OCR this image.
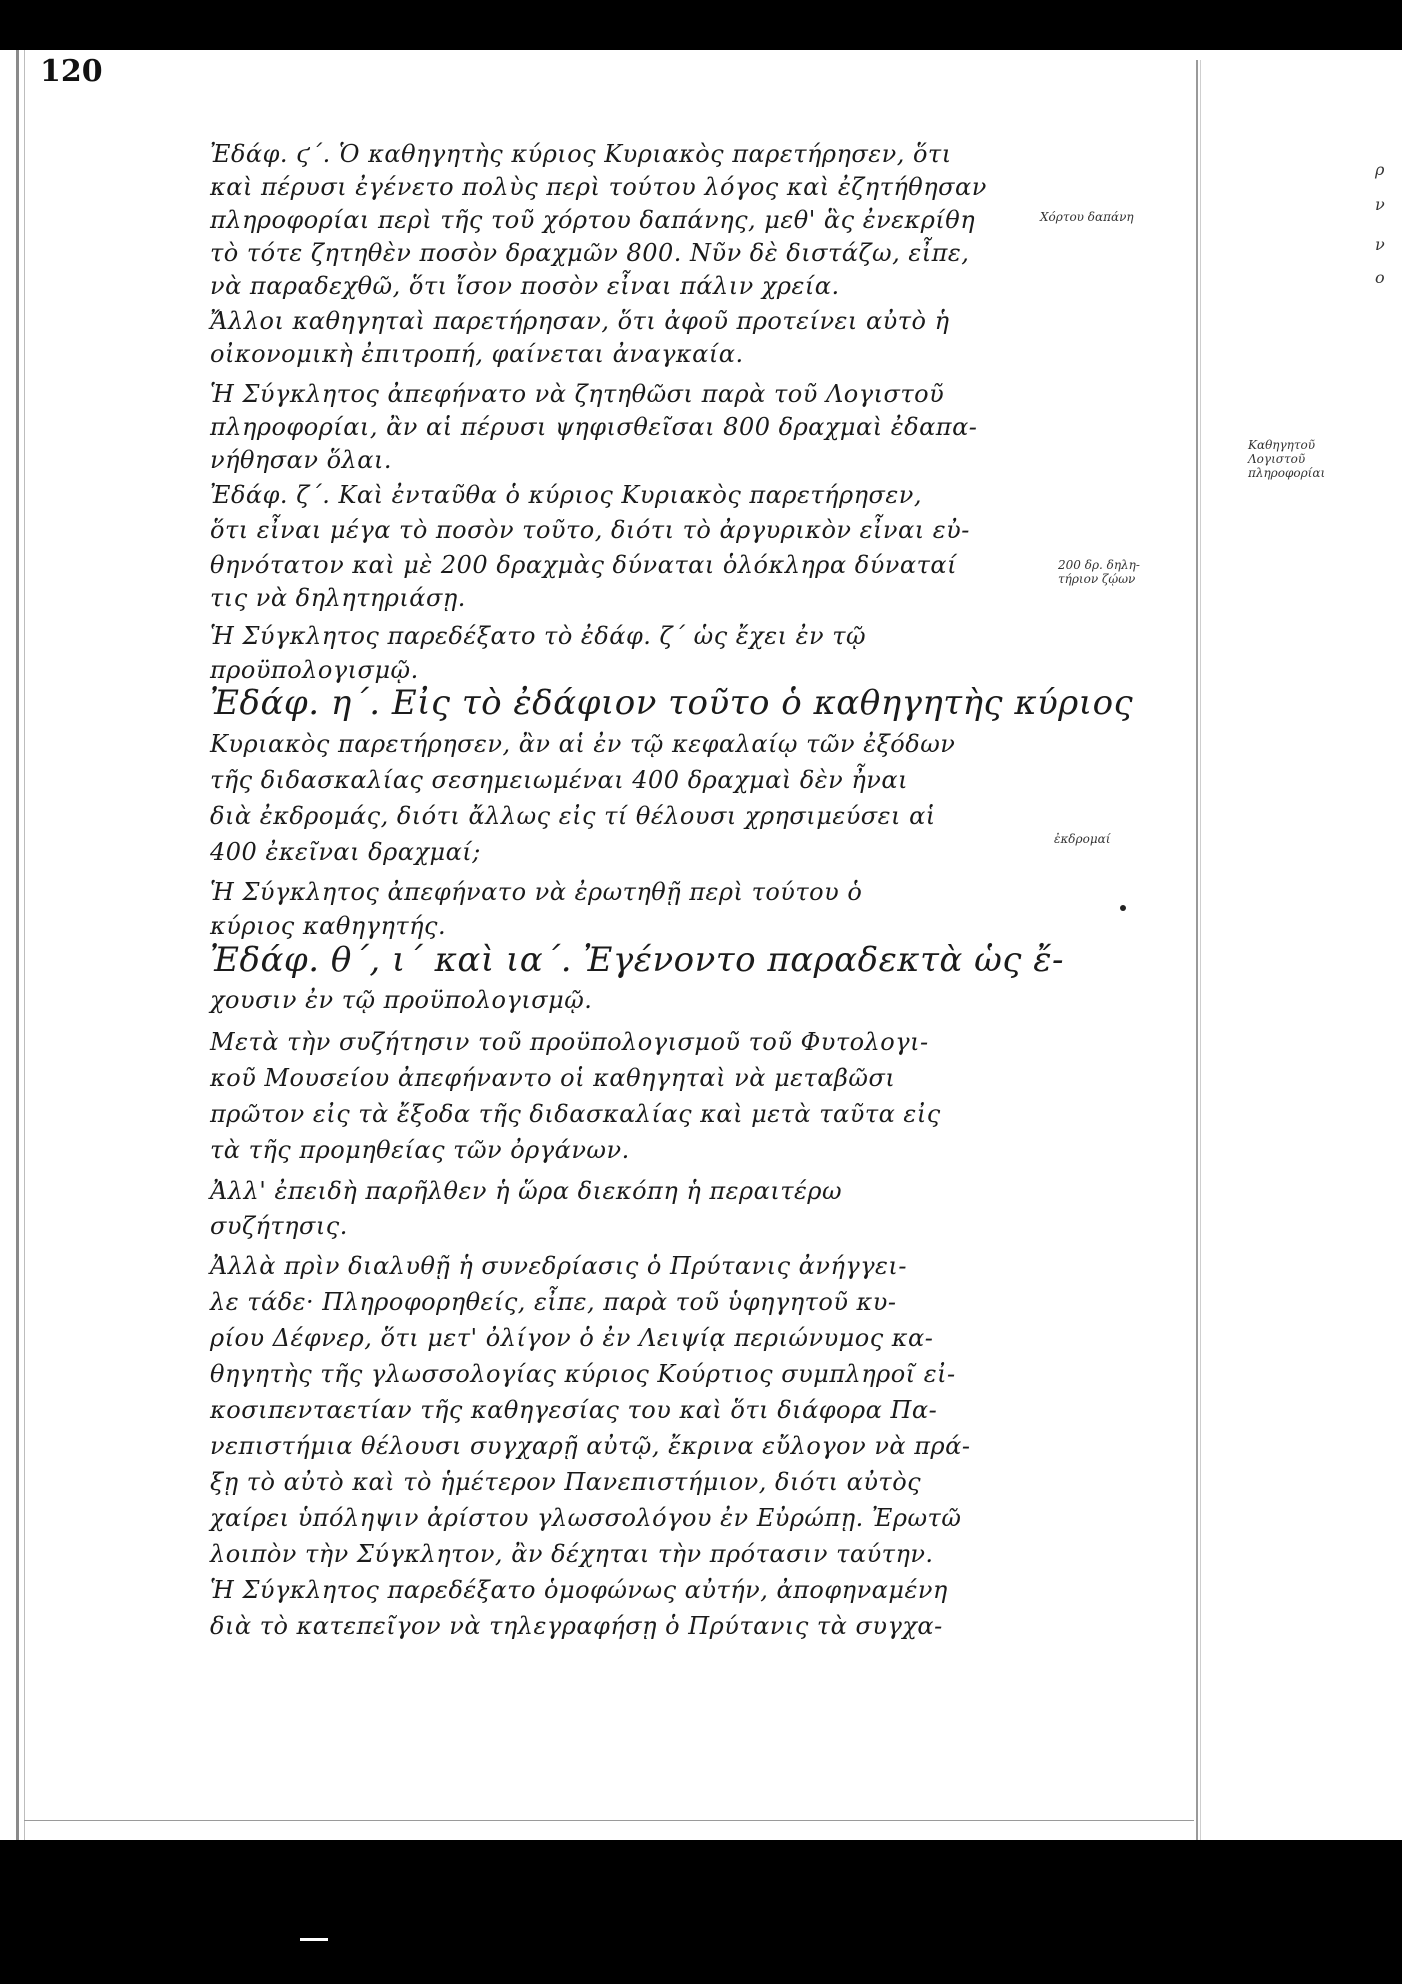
120
Ἐδάφ. ϛ΄. Ὁ καθηγητὴς κύριος Κυριακὸς παρετήρησεν, ὅτι
καὶ πέρυσι ἐγένετο πολὺς περὶ τούτου λόγος καὶ ἐζητήθησαν
πληροφορίαι περὶ τῆς τοῦ χόρτου δαπάνης, μεθ' ἃς ἐνεκρίθη
τὸ τότε ζητηθὲν ποσὸν δραχμῶν 800. Νῦν δὲ διστάζω, εἶπε,
νὰ παραδεχθῶ, ὅτι ἴσον ποσὸν εἶναι πάλιν χρεία.
Ἄλλοι καθηγηταὶ παρετήρησαν, ὅτι ἀφοῦ προτείνει αὐτὸ ἡ
οἰκονομικὴ ἐπιτροπή, φαίνεται ἀναγκαία.
Ἡ Σύγκλητος ἀπεφήνατο νὰ ζητηθῶσι παρὰ τοῦ Λογιστοῦ
πληροφορίαι, ἂν αἱ πέρυσι ψηφισθεῖσαι 800 δραχμαὶ ἐδαπα-
νήθησαν ὅλαι.
Ἐδάφ. ζ΄. Καὶ ἐνταῦθα ὁ κύριος Κυριακὸς παρετήρησεν,
ὅτι εἶναι μέγα τὸ ποσὸν τοῦτο, διότι τὸ ἀργυρικὸν εἶναι εὐ-
θηνότατον καὶ μὲ 200 δραχμὰς δύναται ὁλόκληρα δύναταί
τις νὰ δηλητηριάσῃ.
Ἡ Σύγκλητος παρεδέξατο τὸ ἐδάφ. ζ΄ ὡς ἔχει ἐν τῷ
προϋπολογισμῷ.
Ἐδάφ. η΄. Εἰς τὸ ἐδάφιον τοῦτο ὁ καθηγητὴς κύριος
Κυριακὸς παρετήρησεν, ἂν αἱ ἐν τῷ κεφαλαίῳ τῶν ἐξόδων
τῆς διδασκαλίας σεσημειωμέναι 400 δραχμαὶ δὲν ἦναι
διὰ ἐκδρομάς, διότι ἄλλως εἰς τί θέλουσι χρησιμεύσει αἱ
400 ἐκεῖναι δραχμαί;
Ἡ Σύγκλητος ἀπεφήνατο νὰ ἐρωτηθῇ περὶ τούτου ὁ
κύριος καθηγητής.
Ἐδάφ. θ΄, ι΄ καὶ ια΄. Ἐγένοντο παραδεκτὰ ὡς ἔ-
χουσιν ἐν τῷ προϋπολογισμῷ.
Μετὰ τὴν συζήτησιν τοῦ προϋπολογισμοῦ τοῦ Φυτολογι-
κοῦ Μουσείου ἀπεφήναντο οἱ καθηγηταὶ νὰ μεταβῶσι
πρῶτον εἰς τὰ ἔξοδα τῆς διδασκαλίας καὶ μετὰ ταῦτα εἰς
τὰ τῆς προμηθείας τῶν ὀργάνων.
Ἀλλ' ἐπειδὴ παρῆλθεν ἡ ὥρα διεκόπη ἡ περαιτέρω
συζήτησις.
Ἀλλὰ πρὶν διαλυθῇ ἡ συνεδρίασις ὁ Πρύτανις ἀνήγγει-
λε τάδε· Πληροφορηθείς, εἶπε, παρὰ τοῦ ὑφηγητοῦ κυ-
ρίου Δέφνερ, ὅτι μετ' ὀλίγον ὁ ἐν Λειψίᾳ περιώνυμος κα-
θηγητὴς τῆς γλωσσολογίας κύριος Κούρτιος συμπληροῖ εἰ-
κοσιπενταετίαν τῆς καθηγεσίας του καὶ ὅτι διάφορα Πα-
νεπιστήμια θέλουσι συγχαρῇ αὐτῷ, ἔκρινα εὔλογον νὰ πρά-
ξῃ τὸ αὐτὸ καὶ τὸ ἡμέτερον Πανεπιστήμιον, διότι αὐτὸς
χαίρει ὑπόληψιν ἀρίστου γλωσσολόγου ἐν Εὐρώπῃ. Ἐρωτῶ
λοιπὸν τὴν Σύγκλητον, ἂν δέχηται τὴν πρότασιν ταύτην.
Ἡ Σύγκλητος παρεδέξατο ὁμοφώνως αὐτήν, ἀποφηναμένη
διὰ τὸ κατεπεῖγον νὰ τηλεγραφήσῃ ὁ Πρύτανις τὰ συγχα-
Χόρτου δαπάνη
Καθηγητοῦ
Λογιστοῦ
πληροφορίαι
200 δρ. δηλη-
τήριον ζῴων
ἐκδρομαί
ρ
ν
ν
ο
